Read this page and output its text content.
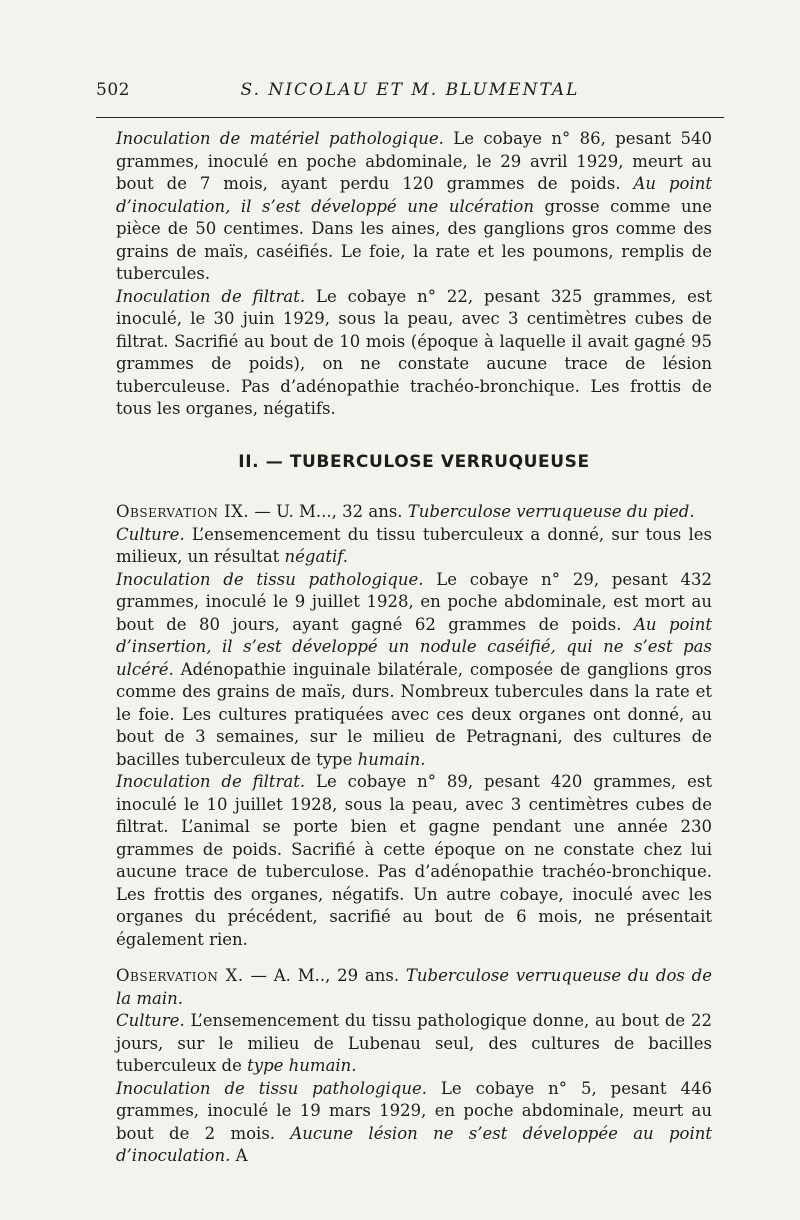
502	S. NICOLAU ET M. BLUMENTAL

Inoculation de matériel pathologique. Le cobaye n° 86, pesant 540 grammes, inoculé en poche abdominale, le 29 avril 1929, meurt au bout de 7 mois, ayant perdu 120 grammes de poids. Au point d’inoculation, il s’est développé une ulcération grosse comme une pièce de 50 centimes. Dans les aines, des ganglions gros comme des grains de maïs, caséifiés. Le foie, la rate et les poumons, remplis de tubercules.

Inoculation de filtrat. Le cobaye n° 22, pesant 325 grammes, est inoculé, le 30 juin 1929, sous la peau, avec 3 centimètres cubes de filtrat. Sacrifié au bout de 10 mois (époque à laquelle il avait gagné 95 grammes de poids), on ne constate aucune trace de lésion tuberculeuse. Pas d’adénopathie trachéo-bronchique. Les frottis de tous les organes, négatifs.

II. — TUBERCULOSE VERRUQUEUSE

Observation IX. — U. M..., 32 ans. Tuberculose verruqueuse du pied.

Culture. L’ensemencement du tissu tuberculeux a donné, sur tous les milieux, un résultat négatif.

Inoculation de tissu pathologique. Le cobaye n° 29, pesant 432 grammes, inoculé le 9 juillet 1928, en poche abdominale, est mort au bout de 80 jours, ayant gagné 62 grammes de poids. Au point d’insertion, il s’est développé un nodule caséifié, qui ne s’est pas ulcéré. Adénopathie inguinale bilatérale, composée de ganglions gros comme des grains de maïs, durs. Nombreux tubercules dans la rate et le foie. Les cultures pratiquées avec ces deux organes ont donné, au bout de 3 semaines, sur le milieu de Petragnani, des cultures de bacilles tuberculeux de type humain.

Inoculation de filtrat. Le cobaye n° 89, pesant 420 grammes, est inoculé le 10 juillet 1928, sous la peau, avec 3 centimètres cubes de filtrat. L’animal se porte bien et gagne pendant une année 230 grammes de poids. Sacrifié à cette époque on ne constate chez lui aucune trace de tuberculose. Pas d’adénopathie trachéo-bronchique. Les frottis des organes, négatifs. Un autre cobaye, inoculé avec les organes du précédent, sacrifié au bout de 6 mois, ne présentait également rien.

Observation X. — A. M.., 29 ans. Tuberculose verruqueuse du dos de la main.

Culture. L’ensemencement du tissu pathologique donne, au bout de 22 jours, sur le milieu de Lubenau seul, des cultures de bacilles tuberculeux de type humain.

Inoculation de tissu pathologique. Le cobaye n° 5, pesant 446 grammes, inoculé le 19 mars 1929, en poche abdominale, meurt au bout de 2 mois. Aucune lésion ne s’est développée au point d’inoculation. A
